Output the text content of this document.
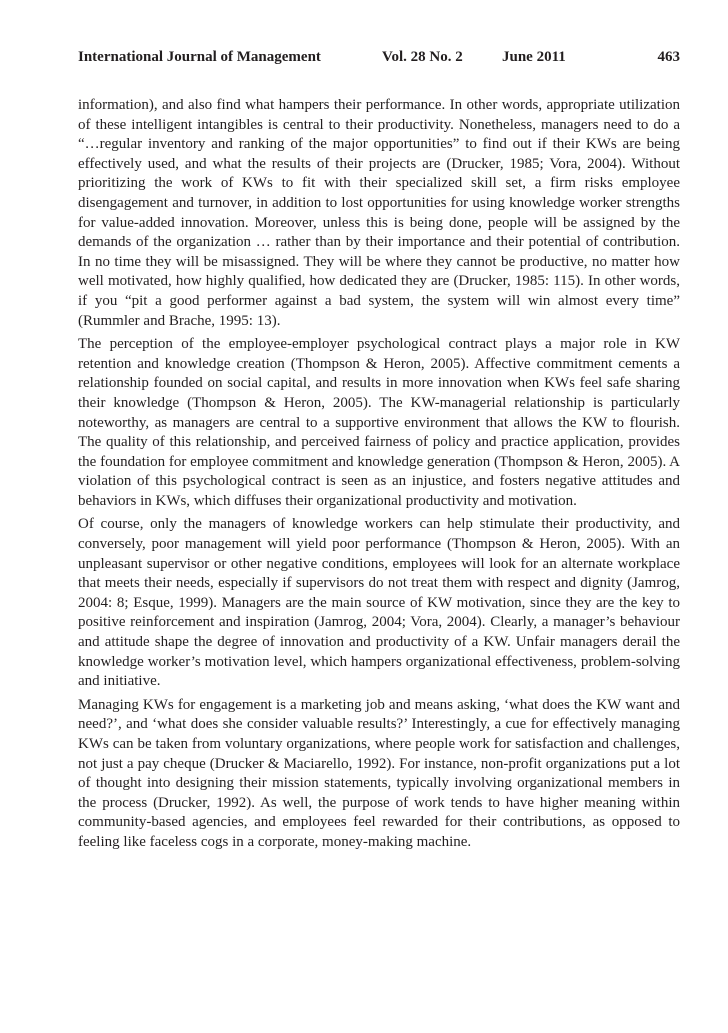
International Journal of Management	Vol. 28 No. 2	June 2011	463

information), and also find what hampers their performance. In other words, appropriate utilization of these intelligent intangibles is central to their productivity. Nonetheless, managers need to do a “…regular inventory and ranking of the major opportunities” to find out if their KWs are being effectively used, and what the results of their projects are (Drucker, 1985; Vora, 2004). Without prioritizing the work of KWs to fit with their specialized skill set, a firm risks employee disengagement and turnover, in addition to lost opportunities for using knowledge worker strengths for value-added innovation. Moreover, unless this is being done, people will be assigned by the demands of the organization … rather than by their importance and their potential of contribution. In no time they will be misassigned. They will be where they cannot be productive, no matter how well motivated, how highly qualified, how dedicated they are (Drucker, 1985: 115). In other words, if you “pit a good performer against a bad system, the system will win almost every time” (Rummler and Brache, 1995: 13).

The perception of the employee-employer psychological contract plays a major role in KW retention and knowledge creation (Thompson & Heron, 2005). Affective commitment cements a relationship founded on social capital, and results in more innovation when KWs feel safe sharing their knowledge (Thompson & Heron, 2005). The KW-managerial relationship is particularly noteworthy, as managers are central to a supportive environment that allows the KW to flourish. The quality of this relationship, and perceived fairness of policy and practice application, provides the foundation for employee commitment and knowledge generation (Thompson & Heron, 2005). A violation of this psychological contract is seen as an injustice, and fosters negative attitudes and behaviors in KWs, which diffuses their organizational productivity and motivation.

Of course, only the managers of knowledge workers can help stimulate their productivity, and conversely, poor management will yield poor performance (Thompson & Heron, 2005). With an unpleasant supervisor or other negative conditions, employees will look for an alternate workplace that meets their needs, especially if supervisors do not treat them with respect and dignity (Jamrog, 2004: 8; Esque, 1999). Managers are the main source of KW motivation, since they are the key to positive reinforcement and inspiration (Jamrog, 2004; Vora, 2004). Clearly, a manager’s behaviour and attitude shape the degree of innovation and productivity of a KW. Unfair managers derail the knowledge worker’s motivation level, which hampers organizational effectiveness, problem-solving and initiative.

Managing KWs for engagement is a marketing job and means asking, ‘what does the KW want and need?’, and ‘what does she consider valuable results?’ Interestingly, a cue for effectively managing KWs can be taken from voluntary organizations, where people work for satisfaction and challenges, not just a pay cheque (Drucker & Maciarello, 1992). For instance, non-profit organizations put a lot of thought into designing their mission statements, typically involving organizational members in the process (Drucker, 1992). As well, the purpose of work tends to have higher meaning within community-based agencies, and employees feel rewarded for their contributions, as opposed to feeling like faceless cogs in a corporate, money-making machine.
